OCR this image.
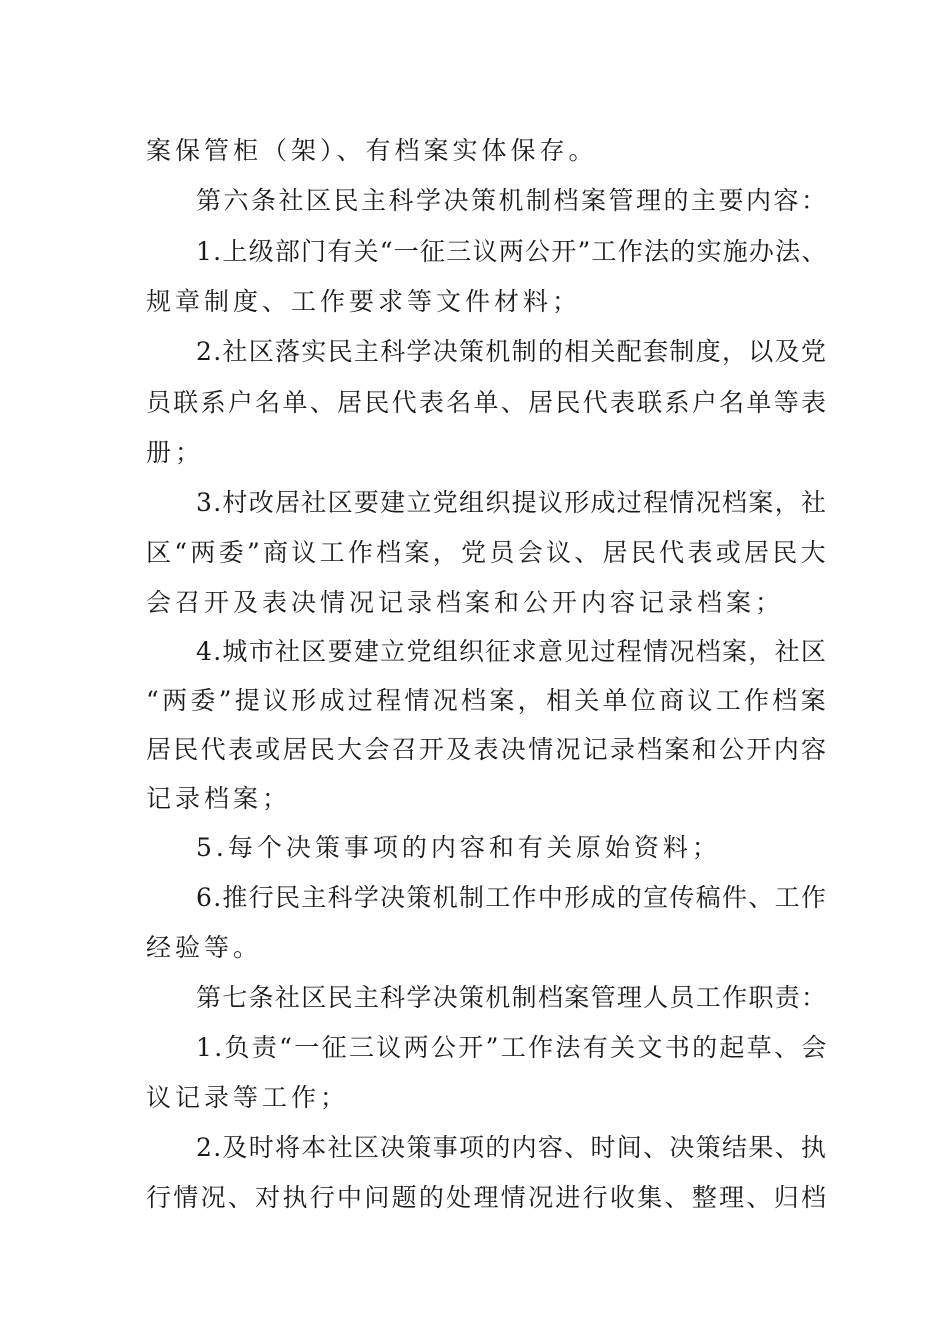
案保管柜（架）、有档案实体保存。
第六条社区民主科学决策机制档案管理的主要内容：
1.上级部门有关“一征三议两公开”工作法的实施办法、
规章制度、工作要求等文件材料；
2.社区落实民主科学决策机制的相关配套制度，以及党
员联系户名单、居民代表名单、居民代表联系户名单等表
册；
3.村改居社区要建立党组织提议形成过程情况档案，社
区“两委”商议工作档案，党员会议、居民代表或居民大
会召开及表决情况记录档案和公开内容记录档案；
4.城市社区要建立党组织征求意见过程情况档案，社区
“两委”提议形成过程情况档案，相关单位商议工作档案
居民代表或居民大会召开及表决情况记录档案和公开内容
记录档案；
5.每个决策事项的内容和有关原始资料；
6.推行民主科学决策机制工作中形成的宣传稿件、工作
经验等。
第七条社区民主科学决策机制档案管理人员工作职责：
1.负责“一征三议两公开”工作法有关文书的起草、会
议记录等工作；
2.及时将本社区决策事项的内容、时间、决策结果、执
行情况、对执行中问题的处理情况进行收集、整理、归档
